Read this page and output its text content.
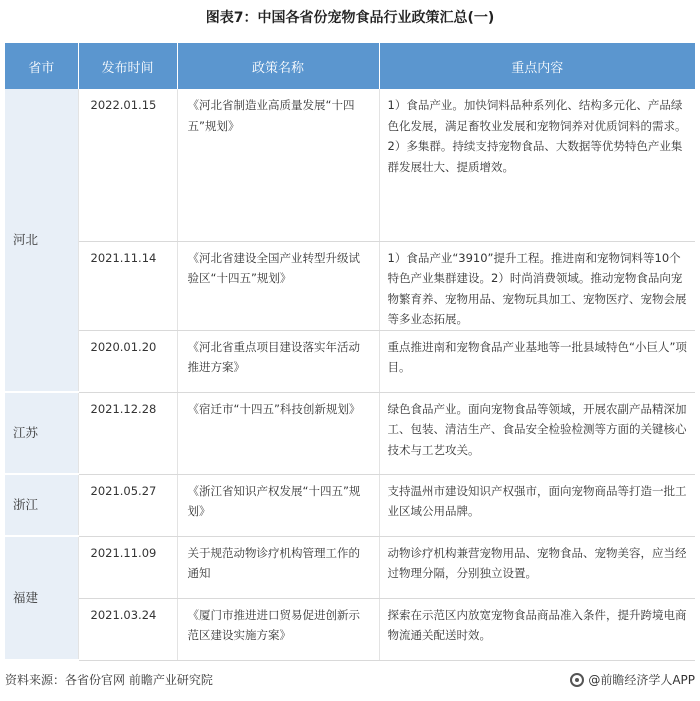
图表7：中国各省份宠物食品行业政策汇总(一)
省市	发布时间	政策名称	重点内容
河北	2022.01.15	《河北省制造业高质量发展“十四五”规划》	1）食品产业。加快饲料品种系列化、结构多元化、产品绿色化发展，满足畜牧业发展和宠物饲养对优质饲料的需求。
2）多集群。持续支持宠物食品、大数据等优势特色产业集群发展壮大、提质增效。

	2021.11.14	《河北省建设全国产业转型升级试验区“十四五”规划》	1）食品产业“3910”提升工程。推进南和宠物饲料等10个特色产业集群建设。2）时尚消费领域。推动宠物食品向宠物繁育养、宠物用品、宠物玩具加工、宠物医疗、宠物会展等多业态拓展。

	2020.01.20	《河北省重点项目建设落实年活动推进方案》	重点推进南和宠物食品产业基地等一批县域特色“小巨人”项目。

江苏	2021.12.28	《宿迁市“十四五”科技创新规划》	绿色食品产业。面向宠物食品等领域，开展农副产品精深加工、包装、清洁生产、食品安全检验检测等方面的关键核心技术与工艺攻关。

浙江	2021.05.27	《浙江省知识产权发展“十四五”规划》	支持温州市建设知识产权强市，面向宠物商品等打造一批工业区域公用品牌。

福建	2021.11.09	关于规范动物诊疗机构管理工作的通知	动物诊疗机构兼营宠物用品、宠物食品、宠物美容，应当经过物理分隔，分别独立设置。

	2021.03.24	《厦门市推进进口贸易促进创新示范区建设实施方案》	探索在示范区内放宽宠物食品商品准入条件，提升跨境电商物流通关配送时效。
资料来源：各省份官网 前瞻产业研究院	@前瞻经济学人APP
